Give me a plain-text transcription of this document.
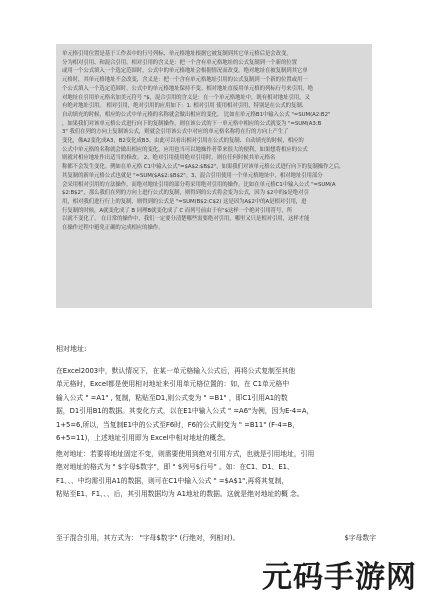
单元格引用位置是基于工作表中的行号列标，单元格地址根据它被复制到其它单元格后是会改变，
分为相对引用、和混合引用。相对引用的含义是：把一个含有单元格地址的公式复制到一个新的位置
或用一个公式填入一个选定范围时，公式中的单元格地址会根据情况而改变。绝对地址在被复制到其它单
元格时，其单元格地址不会改变，含义是：把一个含有单元格地址引用的公式复制到一个新的位置或用一
个公式填入一个选定范围时，公式中的单元格地址保持不变。相对地址直接用单元格的列标行号来引用，绝
对地址在引用单元格名加美元符号 "$，混合引用的含义是：在一个单元格地址中，既有相对地址引用，又
有绝对地址引用。 相对引用，绝对引用的应用如下：1. 相对引用 使用相对引用，特别是在公式的复制、
自动填充的时候，相应的公式中单元格的名称就会做出相应的变化。 比如在单元格B1中输入公式 "=SUM(A2:B2"
，如果我们对该单元格公式进行向下的复制操作，则在该公式的下一单元格中相应的公式就变为 "=SUM(A3:B
3" 我们在列的方向上复制该公式，则就会引用该公式中对应的单元格名称将在行的方向上产生了
变化，像A2变化成A3，B2变化成B3。由此可以看出相对引用在公式的复制、自动填充的时候，相应的
公式中单元格的名称就会做出相应的变化，应用也当可以地操作者带来很大的便利，如果想将相应的公式
则就对相应地址作出适当的修改。 2、绝对引用使用绝对引用时，则在任何时候其单元格名
称都不会发生变化。例如在单元格 C1中输入公式"=$A$2:$B$2"，如果我们对该单元格公式进行向下的复制操作之后，
其复制的新单元格公式也就是 "=SUM($A$2:$B$2"。3、混合引用使用一个单元格地址中，相对地址引用部分
会采用相对引用的方法操作，而绝对地址引用的部分将采用绝对引用的操作。比如在单元格C1中输入公式 "=SUM(A
$2:B$2"，那么我们在列的方向上进行公式的复制，则得到的公式将会变为公式，因为 $2中的$是绝对引
用，相对我们进行行上的复制，则得到的公式是 "=SUM(B$2:C$2) 这是因为A$2中的A是相对引用，进
行复制的时候，A就变化成了 B 同理B就变化成了 C 而列号前由于有"$这样一个绝对引用符号，所
以就不变化了。 在日常的操作中，我们一定要分清楚哪些需要绝对引用，哪里又只是相对引用，这样才能
在操作过程中避免正确的完成相应的操作。
相对地址:
在Excel2003中，默认情况下，在某一单元格输入公式后，再将公式复制至其他
单元格时，Excel都是使用相对地址来引用单元格位置的：如，在 C1单元格中
输入公式 " =A1" , 复制，粘贴至D1,则公式变为 " =B1" ，即C1引用A1的数
据，D1引用B1的数据。其变化方式，以在E1中输入公式 " =A6"为例，因为E-4=A，
1+5=6,所以，当复制E1中的公式至F6时，F6的公式则变为 " =B11" (F-4=B，
6+5=11)，上述地址引用即为 Excel中相对地址的概念。
绝对地址：若要将地址固定不变，则需要使用到绝对引用方式，也就是引用地址，引用
绝对地址的格式为 " $字母$数字"，即 " $列号$行号" 。如：在C1、D1、E1、
F1、、、中均需引用A1的数据，则可在C1中输入公式 " =$A$1",再将其复制，
粘贴至E1、F1、、、后，其引用数据均为 A1地址的数据。这就是绝对地址的概 念。
至于混合引用，其方式为： "字母$数字" (行绝对，列相对)。	$字母数字
元码手游网
